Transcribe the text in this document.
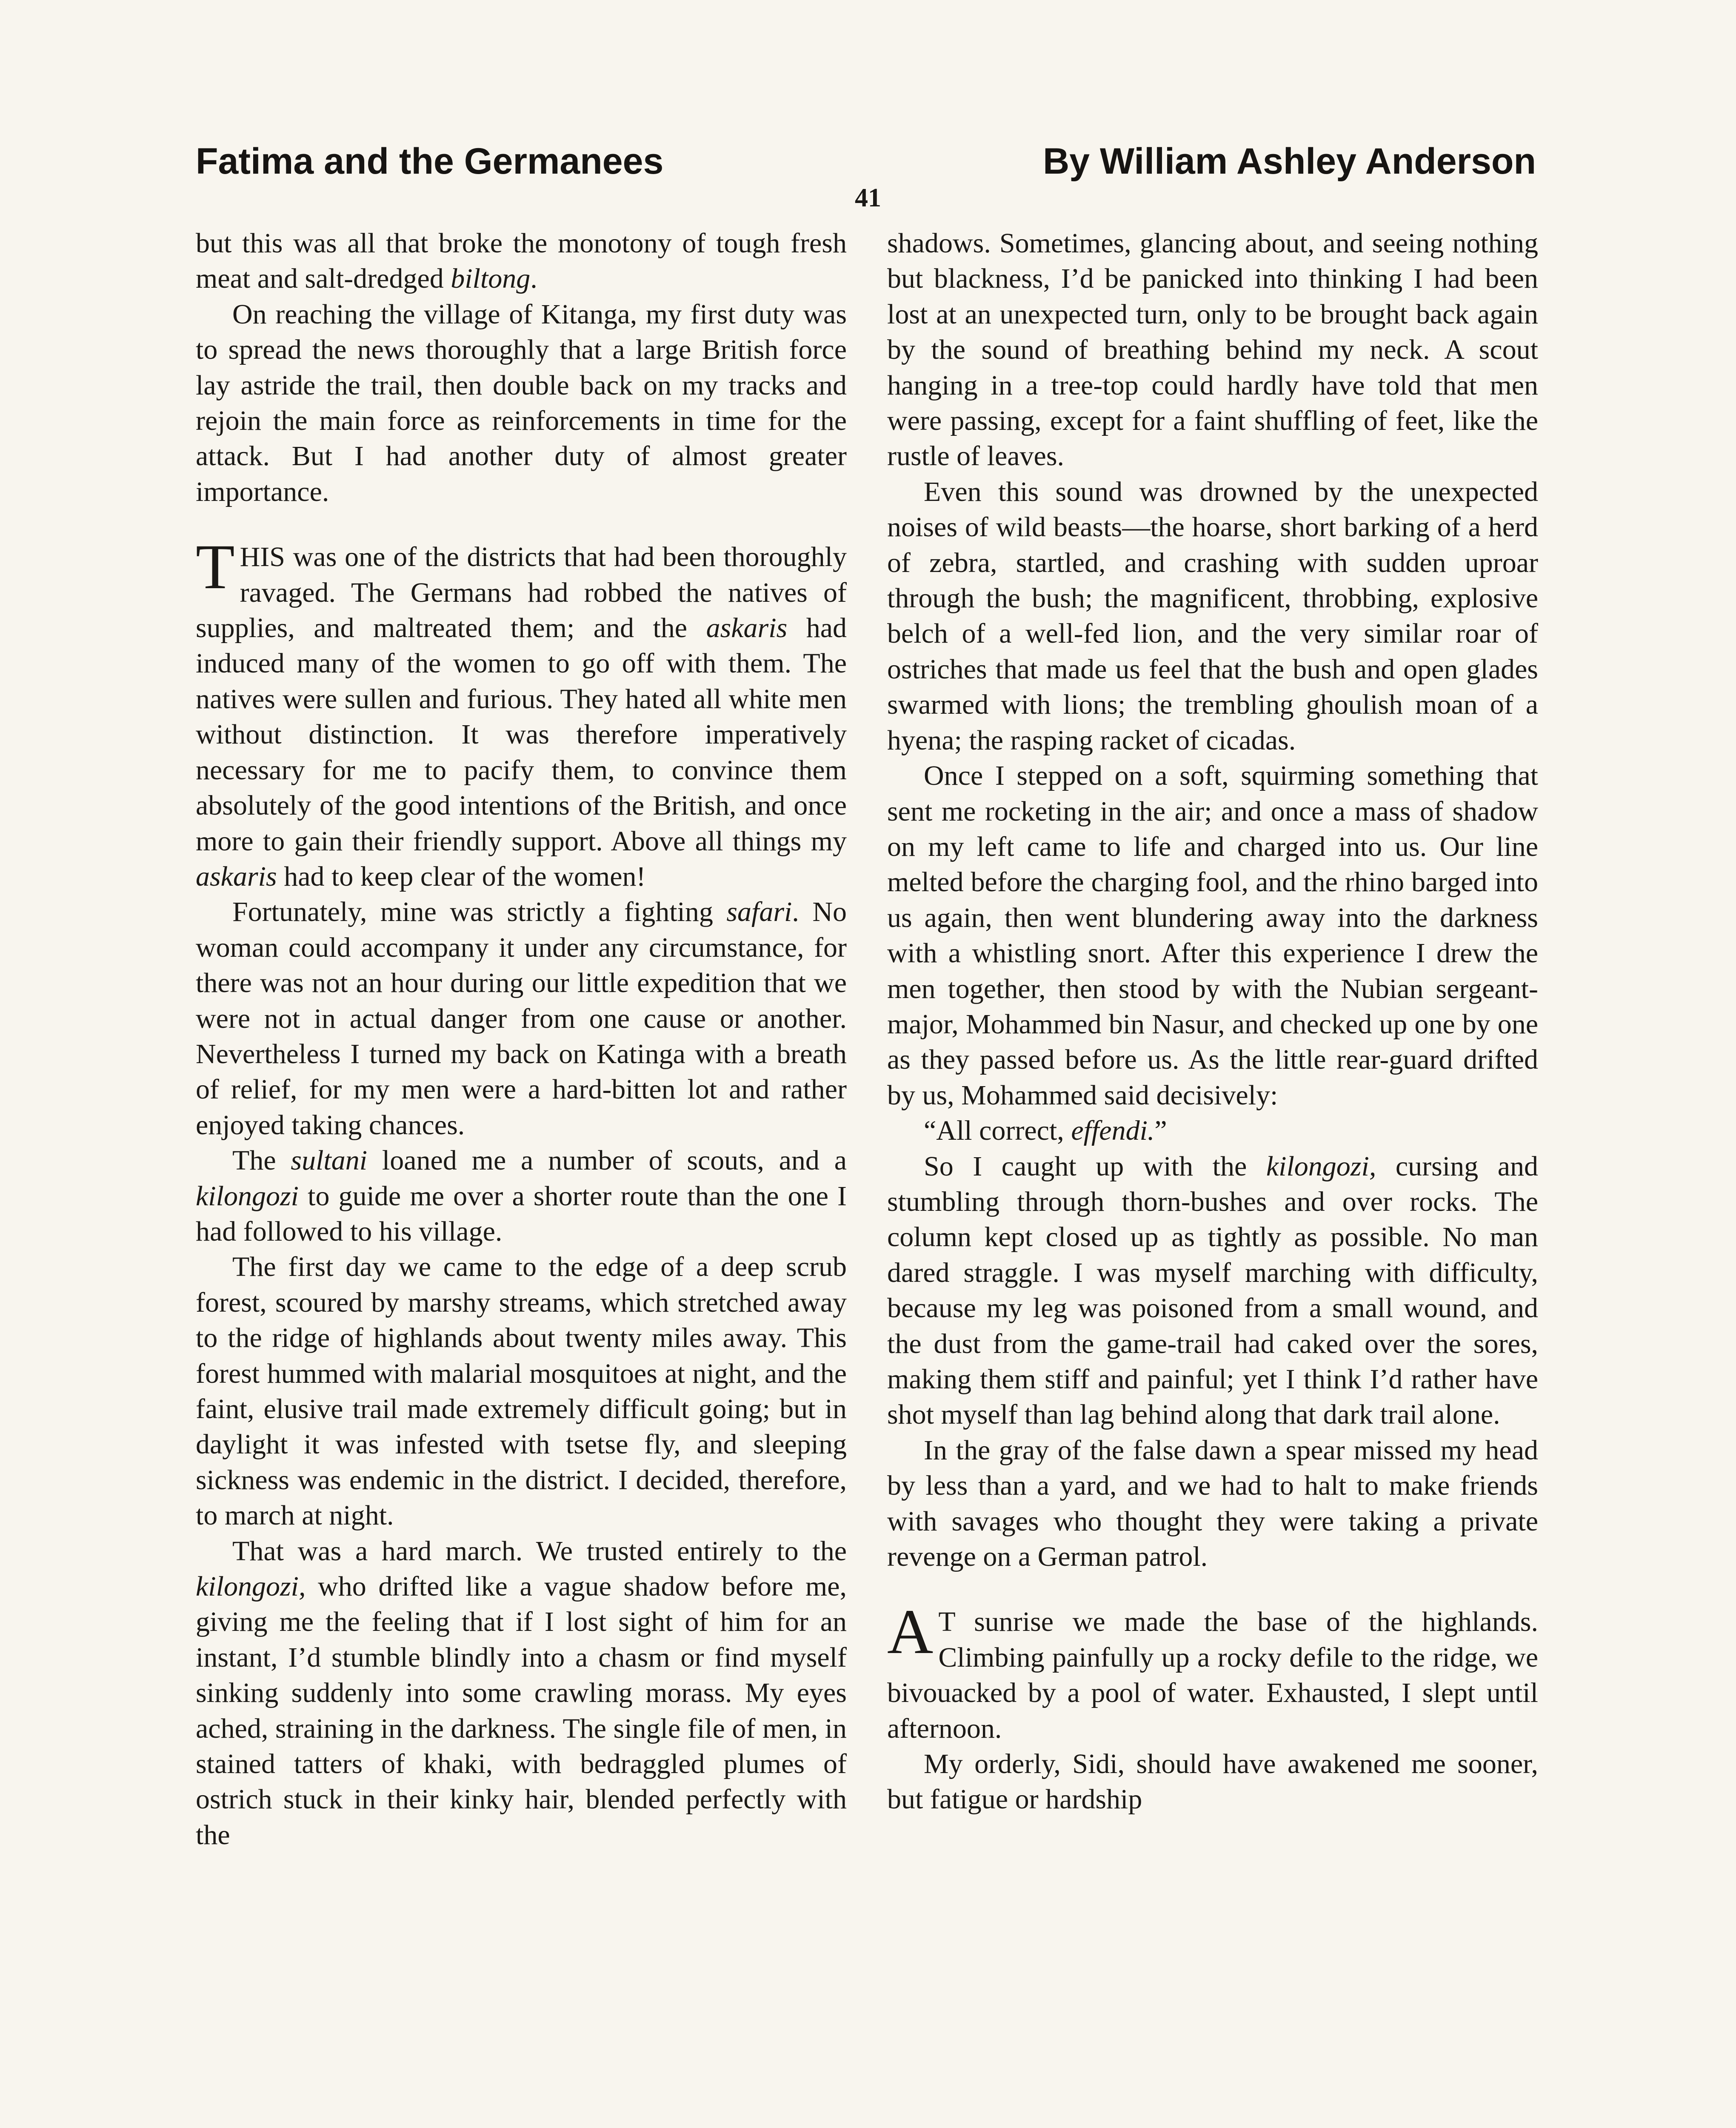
Fatima and the Germanees	By William Ashley Anderson
41

but this was all that broke the monotony of tough fresh meat and salt-dredged biltong.

On reaching the village of Kitanga, my first duty was to spread the news thoroughly that a large British force lay astride the trail, then double back on my tracks and rejoin the main force as reinforcements in time for the attack. But I had another duty of almost greater importance.

THIS was one of the districts that had been thoroughly ravaged. The Germans had robbed the natives of supplies, and maltreated them; and the askaris had induced many of the women to go off with them. The natives were sullen and furious. They hated all white men without distinction. It was therefore imperatively necessary for me to pacify them, to convince them absolutely of the good intentions of the British, and once more to gain their friendly support. Above all things my askaris had to keep clear of the women!

Fortunately, mine was strictly a fighting safari. No woman could accompany it under any circumstance, for there was not an hour during our little expedition that we were not in actual danger from one cause or another. Nevertheless I turned my back on Katinga with a breath of relief, for my men were a hard-bitten lot and rather enjoyed taking chances.

The sultani loaned me a number of scouts, and a kilongozi to guide me over a shorter route than the one I had followed to his village.

The first day we came to the edge of a deep scrub forest, scoured by marshy streams, which stretched away to the ridge of highlands about twenty miles away. This forest hummed with malarial mosquitoes at night, and the faint, elusive trail made extremely difficult going; but in daylight it was infested with tsetse fly, and sleeping sickness was endemic in the district. I decided, therefore, to march at night.

That was a hard march. We trusted entirely to the kilongozi, who drifted like a vague shadow before me, giving me the feeling that if I lost sight of him for an instant, I’d stumble blindly into a chasm or find myself sinking suddenly into some crawling morass. My eyes ached, straining in the darkness. The single file of men, in stained tatters of khaki, with bedraggled plumes of ostrich stuck in their kinky hair, blended perfectly with the

shadows. Sometimes, glancing about, and seeing nothing but blackness, I’d be panicked into thinking I had been lost at an unexpected turn, only to be brought back again by the sound of breathing behind my neck. A scout hanging in a tree-top could hardly have told that men were passing, except for a faint shuffling of feet, like the rustle of leaves.

Even this sound was drowned by the unexpected noises of wild beasts—the hoarse, short barking of a herd of zebra, startled, and crashing with sudden uproar through the bush; the magnificent, throbbing, explosive belch of a well-fed lion, and the very similar roar of ostriches that made us feel that the bush and open glades swarmed with lions; the trembling ghoulish moan of a hyena; the rasping racket of cicadas.

Once I stepped on a soft, squirming something that sent me rocketing in the air; and once a mass of shadow on my left came to life and charged into us. Our line melted before the charging fool, and the rhino barged into us again, then went blundering away into the darkness with a whistling snort. After this experience I drew the men together, then stood by with the Nubian sergeant-major, Mohammed bin Nasur, and checked up one by one as they passed before us. As the little rear-guard drifted by us, Mohammed said decisively:

“All correct, effendi.”

So I caught up with the kilongozi, cursing and stumbling through thorn-bushes and over rocks. The column kept closed up as tightly as possible. No man dared straggle. I was myself marching with difficulty, because my leg was poisoned from a small wound, and the dust from the game-trail had caked over the sores, making them stiff and painful; yet I think I’d rather have shot myself than lag behind along that dark trail alone.

In the gray of the false dawn a spear missed my head by less than a yard, and we had to halt to make friends with savages who thought they were taking a private revenge on a German patrol.

A T sunrise we made the base of the highlands. Climbing painfully up a rocky defile to the ridge, we bivouacked by a pool of water. Exhausted, I slept until afternoon.

My orderly, Sidi, should have awakened me sooner, but fatigue or hardship
